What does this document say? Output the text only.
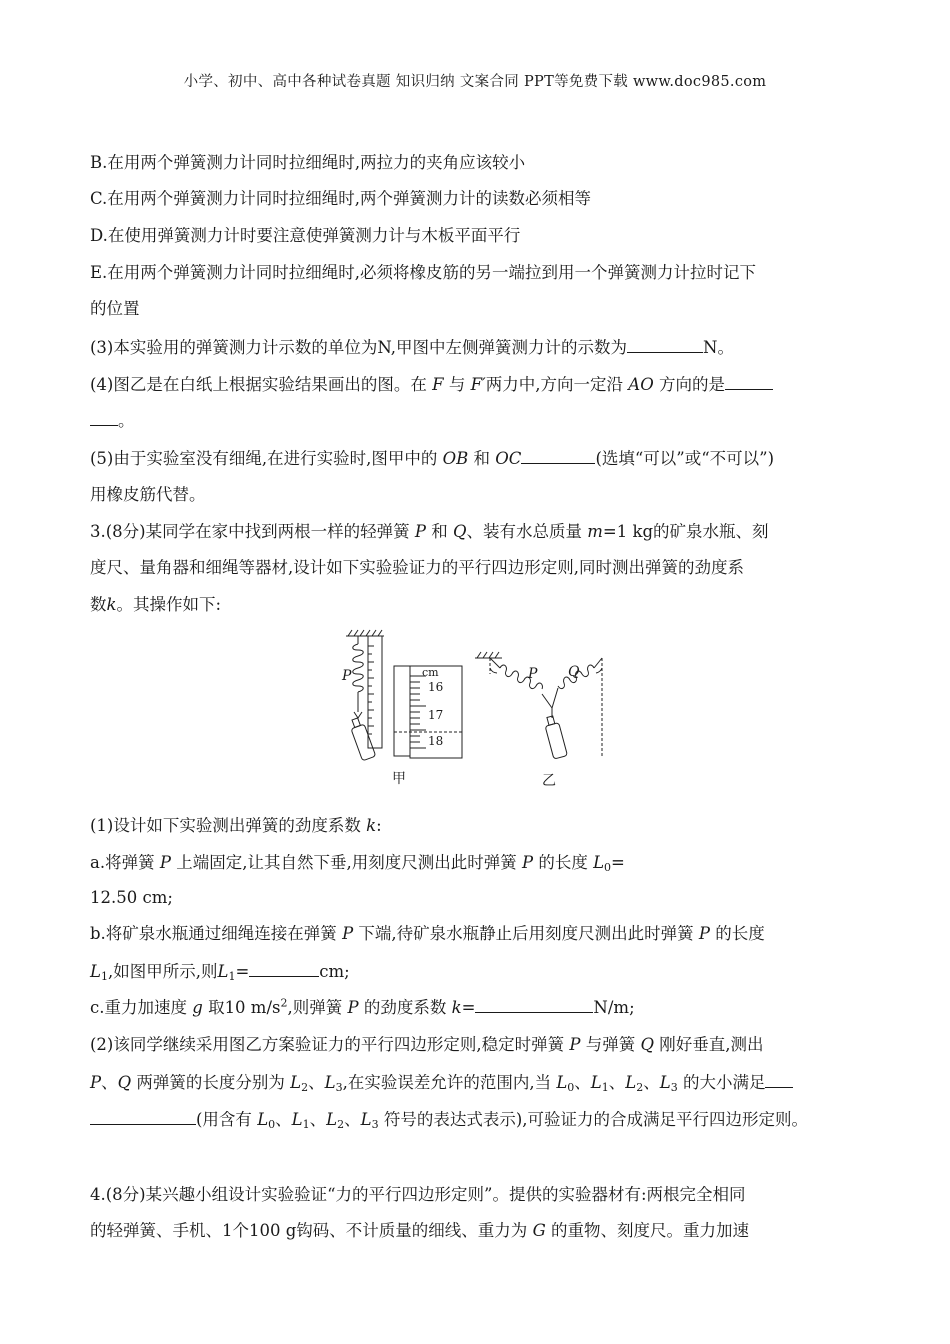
小学、初中、高中各种试卷真题 知识归纳 文案合同 PPT等免费下载 www.doc985.com
B.在用两个弹簧测力计同时拉细绳时,两拉力的夹角应该较小
C.在用两个弹簧测力计同时拉细绳时,两个弹簧测力计的读数必须相等
D.在使用弹簧测力计时要注意使弹簧测力计与木板平面平行
E.在用两个弹簧测力计同时拉细绳时,必须将橡皮筋的另一端拉到用一个弹簧测力计拉时记下
的位置
(3)本实验用的弹簧测力计示数的单位为N,甲图中左侧弹簧测力计的示数为	N。
(4)图乙是在白纸上根据实验结果画出的图。在 F 与 F′两力中,方向一定沿 AO 方向的是
。
(5)由于实验室没有细绳,在进行实验时,图甲中的 OB 和 OC	(选填“可以”或“不可以”)
用橡皮筋代替。
3.(8分)某同学在家中找到两根一样的轻弹簧 P 和 Q、装有水总质量 m=1 kg的矿泉水瓶、刻
度尺、量角器和细绳等器材,设计如下实验验证力的平行四边形定则,同时测出弹簧的劲度系
数k。其操作如下:
P	cm
16
17
18
P Q
甲	乙
(1)设计如下实验测出弹簧的劲度系数 k:
a.将弹簧 P 上端固定,让其自然下垂,用刻度尺测出此时弹簧 P 的长度 $L_0=$
12.50 cm;
b.将矿泉水瓶通过细绳连接在弹簧 P 下端,待矿泉水瓶静止后用刻度尺测出此时弹簧 P 的长度
$L_1$,如图甲所示,则$L_1=$	cm;
c.重力加速度 g 取10 $m/s^2$,则弹簧 P 的劲度系数 k=	N/m;
(2)该同学继续采用图乙方案验证力的平行四边形定则,稳定时弹簧 P 与弹簧 Q 刚好垂直,测出
P、Q 两弹簧的长度分别为 $L_2$、$L_3$,在实验误差允许的范围内,当 $L_0$、$L_1$、$L_2$、$L_3$ 的大小满足
(用含有 $L_0$、$L_1$、$L_2$、$L_3$ 符号的表达式表示),可验证力的合成满足平行四边形定则。
4.(8分)某兴趣小组设计实验验证“力的平行四边形定则”。提供的实验器材有:两根完全相同
的轻弹簧、手机、1个100 g钩码、不计质量的细线、重力为 G 的重物、刻度尺。重力加速
